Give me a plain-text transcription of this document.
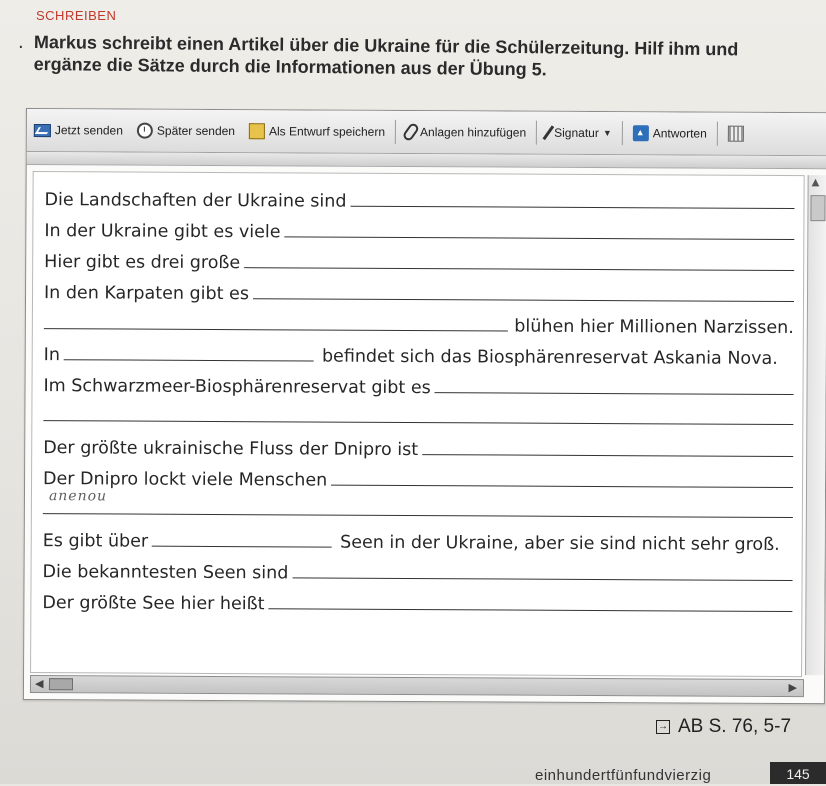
SCHREIBEN
. Markus schreibt einen Artikel über die Ukraine für die Schülerzeitung. Hilf ihm und ergänze die Sätze durch die Informationen aus der Übung 5.
Jetzt senden	Später senden	Als Entwurf speichern	Anlagen hinzufügen Signatur ▼
▲	Antworten
▲
◀	▶
Die Landschaften der Ukraine sind
In der Ukraine gibt es viele
Hier gibt es drei große
In den Karpaten gibt es
blühen hier Millionen Narzissen.
In	befindet sich das Biosphärenreservat Askania Nova.
Im Schwarzmeer-Biosphärenreservat gibt es
Der größte ukrainische Fluss der Dnipro ist
Der Dnipro lockt viele Menschen
anenou
Es gibt über	Seen in der Ukraine, aber sie sind nicht sehr groß.
Die bekanntesten Seen sind
Der größte See hier heißt
→ AB S. 76, 5-7
einhundertfünfundvierzig	145
